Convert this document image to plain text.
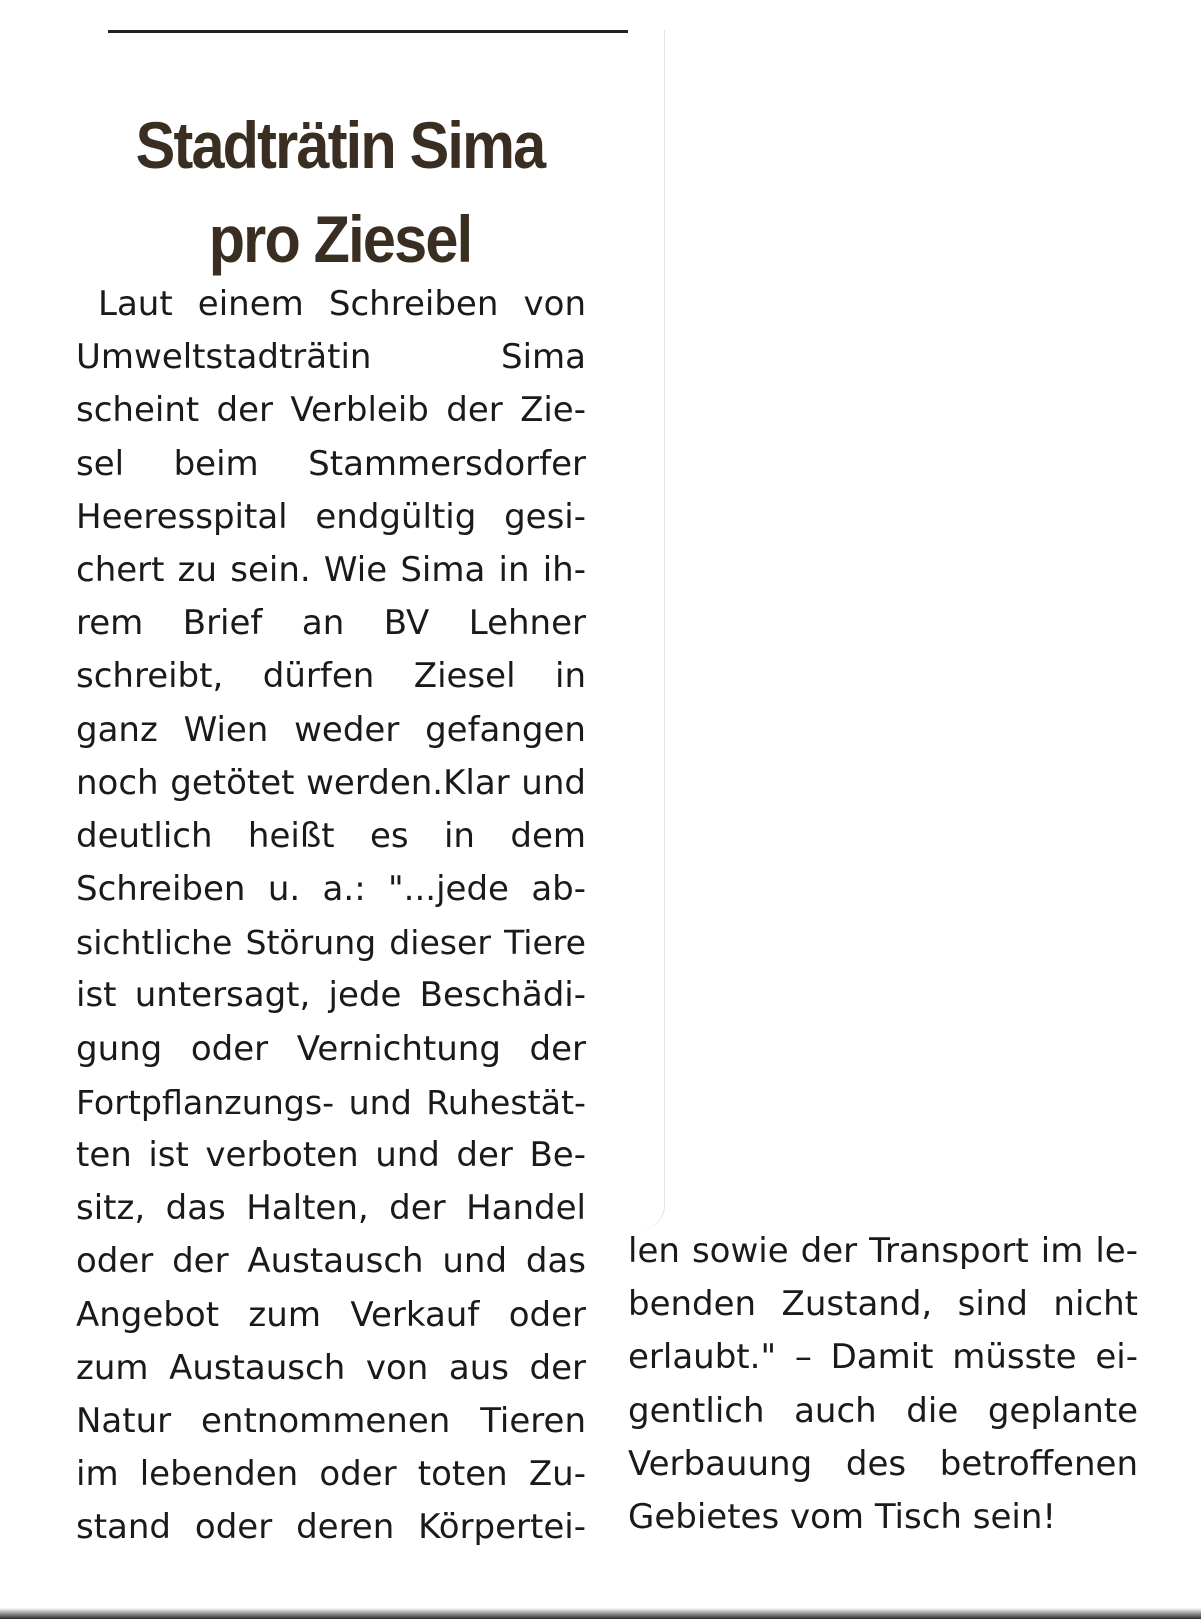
Stadträtin Sima
pro Ziesel
Laut einem Schreiben von
Umweltstadträtin Sima
scheint der Verbleib der Zie-
sel beim Stammersdorfer
Heeresspital endgültig gesi-
chert zu sein. Wie Sima in ih-
rem Brief an BV Lehner
schreibt, dürfen Ziesel in
ganz Wien weder gefangen
noch getötet werden.Klar und
deutlich heißt es in dem
Schreiben u. a.: "...jede ab-
sichtliche Störung dieser Tiere
ist untersagt, jede Beschädi-
gung oder Vernichtung der
Fortpflanzungs- und Ruhestät-
ten ist verboten und der Be-
sitz, das Halten, der Handel
oder der Austausch und das
Angebot zum Verkauf oder
zum Austausch von aus der
Natur entnommenen Tieren
im lebenden oder toten Zu-
stand oder deren Körpertei-
len sowie der Transport im le-
benden Zustand, sind nicht
erlaubt." – Damit müsste ei-
gentlich auch die geplante
Verbauung des betroffenen
Gebietes vom Tisch sein!
